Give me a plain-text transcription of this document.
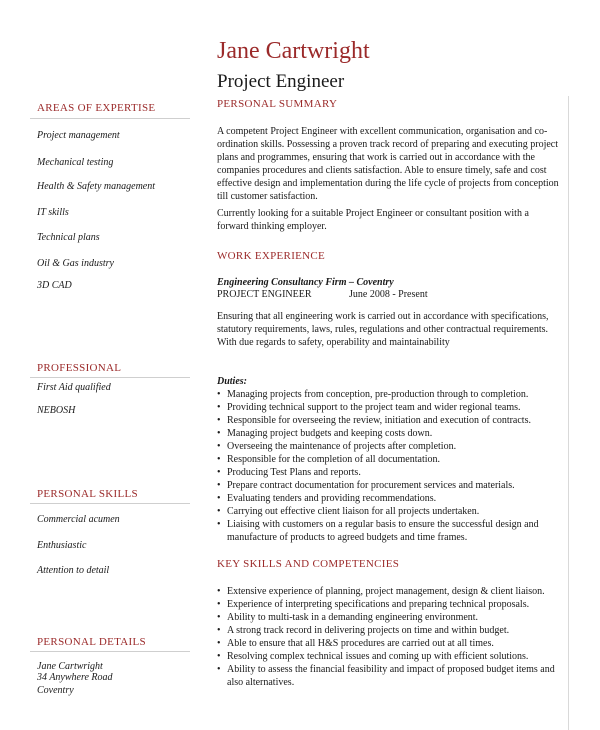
Jane Cartwright
Project Engineer
AREAS OF EXPERTISE
Project management
Mechanical testing
Health & Safety management
IT skills
Technical plans
Oil & Gas industry
3D CAD
PROFESSIONAL
First Aid qualified
NEBOSH
PERSONAL SKILLS
Commercial acumen
Enthusiastic
Attention to detail
PERSONAL DETAILS
Jane Cartwright
34 Anywhere Road
Coventry
PERSONAL SUMMARY

A competent Project Engineer with excellent communication, organisation and co-ordination skills. Possessing a proven track record of preparing and executing project plans and programmes, ensuring that work is carried out in accordance with the companies procedures and clients satisfaction. Able to ensure timely, safe and cost effective design and implementation during the life cycle of projects from conception till customer satisfaction.

Currently looking for a suitable Project Engineer or consultant position with a forward thinking employer.

WORK EXPERIENCE
Engineering Consultancy Firm – Coventry
PROJECT ENGINEER	June 2008 - Present

Ensuring that all engineering work is carried out in accordance with specifications, statutory requirements, laws, rules, regulations and other contractual requirements. With due regards to safety, operability and maintainability

Duties:
• Managing projects from conception, pre-production through to completion.
• Providing technical support to the project team and wider regional teams.
• Responsible for overseeing the review, initiation and execution of contracts.
• Managing project budgets and keeping costs down.
• Overseeing the maintenance of projects after completion.
• Responsible for the completion of all documentation.
• Producing Test Plans and reports.
• Prepare contract documentation for procurement services and materials.
• Evaluating tenders and providing recommendations.
• Carrying out effective client liaison for all projects undertaken.
• Liaising with customers on a regular basis to ensure the successful design and manufacture of products to agreed budgets and time frames.
KEY SKILLS AND COMPETENCIES
• Extensive experience of planning, project management, design & client liaison.
• Experience of interpreting specifications and preparing technical proposals.
• Ability to multi-task in a demanding engineering environment.
• A strong track record in delivering projects on time and within budget.
• Able to ensure that all H&S procedures are carried out at all times.
• Resolving complex technical issues and coming up with efficient solutions.
• Ability to assess the financial feasibility and impact of proposed budget items and also alternatives.
